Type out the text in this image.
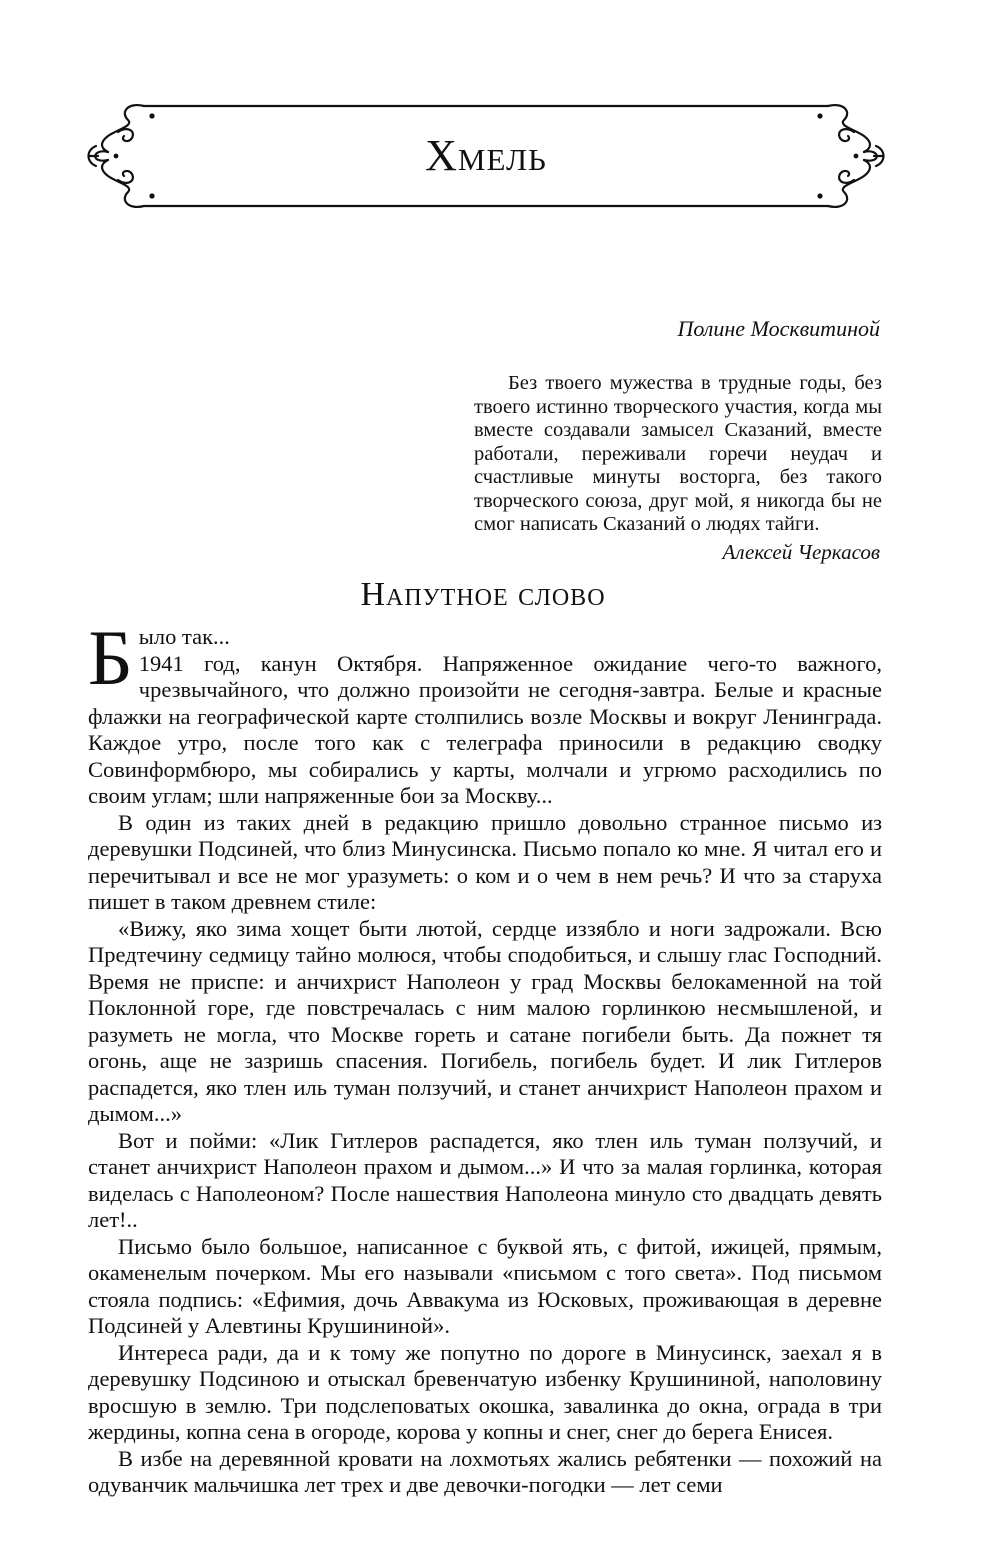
Хмель
Полине Москвитиной
Без твоего мужества в трудные годы, без твоего истинно творческого участия, когда мы вместе создавали замысел Сказаний, вместе работали, переживали горечи неудач и счастливые минуты восторга, без такого творческого союза, друг мой, я никогда бы не смог написать Сказаний о людях тайги.
Алексей Черкасов
Напутное слово

Было так...

1941 год, канун Октября. Напряженное ожидание чего-то важного, чрезвычайного, что должно произойти не сегодня-завтра. Белые и красные флажки на географической карте столпились возле Москвы и вокруг Ленинграда. Каждое утро, после того как с телеграфа приносили в редакцию сводку Совинформбюро, мы собирались у карты, молчали и угрюмо расходились по своим углам; шли напряженные бои за Москву...

В один из таких дней в редакцию пришло довольно странное письмо из деревушки Подсиней, что близ Минусинска. Письмо попало ко мне. Я читал его и перечитывал и все не мог уразуметь: о ком и о чем в нем речь? И что за старуха пишет в таком древнем стиле:

«Вижу, яко зима хощет быти лютой, сердце иззябло и ноги задрожали. Всю Предтечину седмицу тайно молюся, чтобы сподобиться, и слышу глас Господний. Время не приспе: и анчихрист Наполеон у град Москвы белокаменной на той Поклонной горе, где повстречалась с ним малою горлинкою несмышленой, и разуметь не могла, что Москве гореть и сатане погибели быть. Да пожнет тя огонь, аще не зазришь спасения. Погибель, погибель будет. И лик Гитлеров распадется, яко тлен иль туман ползучий, и станет анчихрист Наполеон прахом и дымом...»

Вот и пойми: «Лик Гитлеров распадется, яко тлен иль туман ползучий, и станет анчихрист Наполеон прахом и дымом...» И что за малая горлинка, которая виделась с Наполеоном? После нашествия Наполеона минуло сто двадцать девять лет!..

Письмо было большое, написанное с буквой ять, с фитой, ижицей, прямым, окаменелым почерком. Мы его называли «письмом с того света». Под письмом стояла подпись: «Ефимия, дочь Аввакума из Юсковых, проживающая в деревне Подсиней у Алевтины Крушининой».

Интереса ради, да и к тому же попутно по дороге в Минусинск, заехал я в деревушку Подсиною и отыскал бревенчатую избенку Крушининой, наполовину вросшую в землю. Три подслеповатых окошка, завалинка до окна, ограда в три жердины, копна сена в огороде, корова у копны и снег, снег до берега Енисея.

В избе на деревянной кровати на лохмотьях жались ребятенки — похожий на одуванчик мальчишка лет трех и две девочки-погодки — лет семи
